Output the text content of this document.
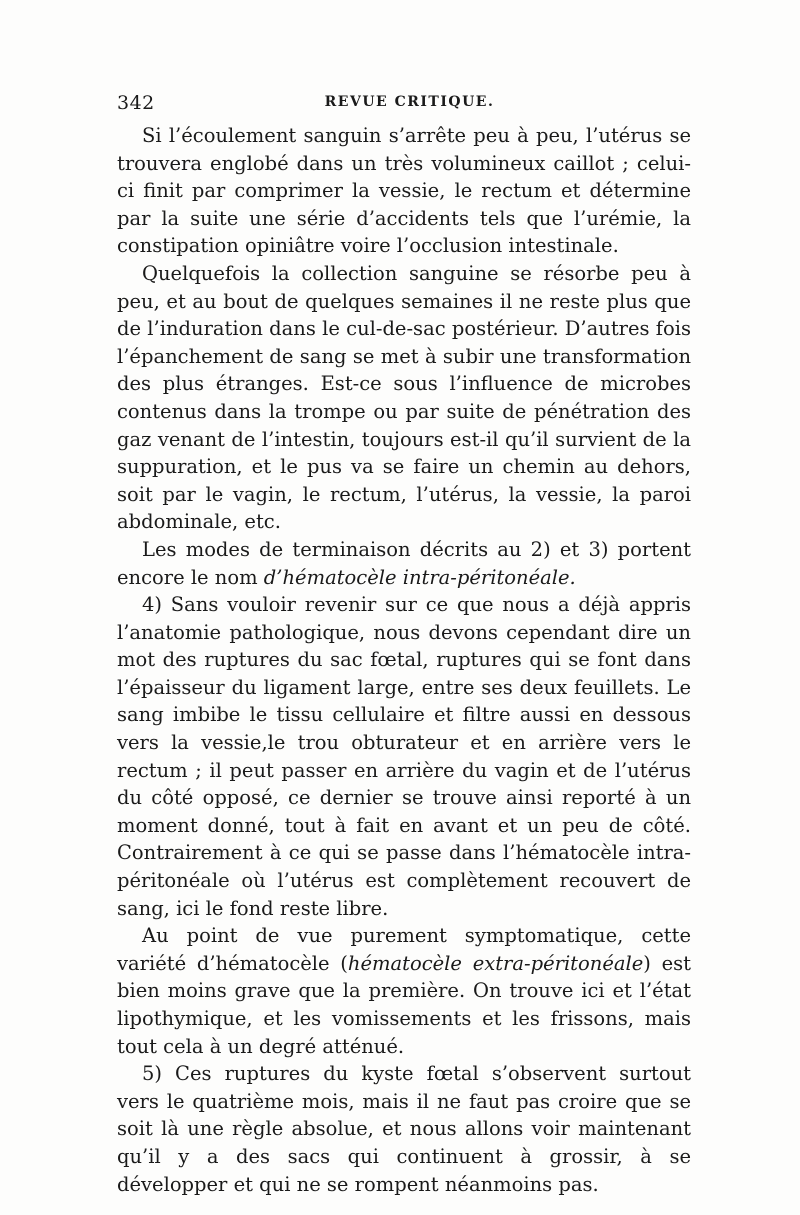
342	REVUE CRITIQUE.

Si l’écoulement sanguin s’arrête peu à peu, l’utérus se trouvera englobé dans un très volumineux caillot ; celui-ci finit par comprimer la vessie, le rectum et détermine par la suite une série d’accidents tels que l’urémie, la constipation opiniâtre voire l’occlusion intestinale.

Quelquefois la collection sanguine se résorbe peu à peu, et au bout de quelques semaines il ne reste plus que de l’induration dans le cul-de-sac postérieur. D’autres fois l’épanchement de sang se met à subir une transformation des plus étranges. Est-ce sous l’influence de microbes contenus dans la trompe ou par suite de pénétration des gaz venant de l’intestin, toujours est-il qu’il survient de la suppuration, et le pus va se faire un chemin au dehors, soit par le vagin, le rectum, l’utérus, la vessie, la paroi abdominale, etc.

Les modes de terminaison décrits au 2) et 3) portent encore le nom d’hématocèle intra-péritonéale.

4) Sans vouloir revenir sur ce que nous a déjà appris l’anatomie pathologique, nous devons cependant dire un mot des ruptures du sac fœtal, ruptures qui se font dans l’épaisseur du ligament large, entre ses deux feuillets. Le sang imbibe le tissu cellulaire et filtre aussi en dessous vers la vessie,le trou obturateur et en arrière vers le rectum ; il peut passer en arrière du vagin et de l’utérus du côté opposé, ce dernier se trouve ainsi reporté à un moment donné, tout à fait en avant et un peu de côté. Contrairement à ce qui se passe dans l’hématocèle intra-péritonéale où l’utérus est complètement recouvert de sang, ici le fond reste libre.

Au point de vue purement symptomatique, cette variété d’hématocèle (hématocèle extra-péritonéale) est bien moins grave que la première. On trouve ici et l’état lipothymique, et les vomissements et les frissons, mais tout cela à un degré atténué.

5) Ces ruptures du kyste fœtal s’observent surtout vers le quatrième mois, mais il ne faut pas croire que se soit là une règle absolue, et nous allons voir maintenant qu’il y a des sacs qui continuent à grossir, à se développer et qui ne se rompent néanmoins pas.
